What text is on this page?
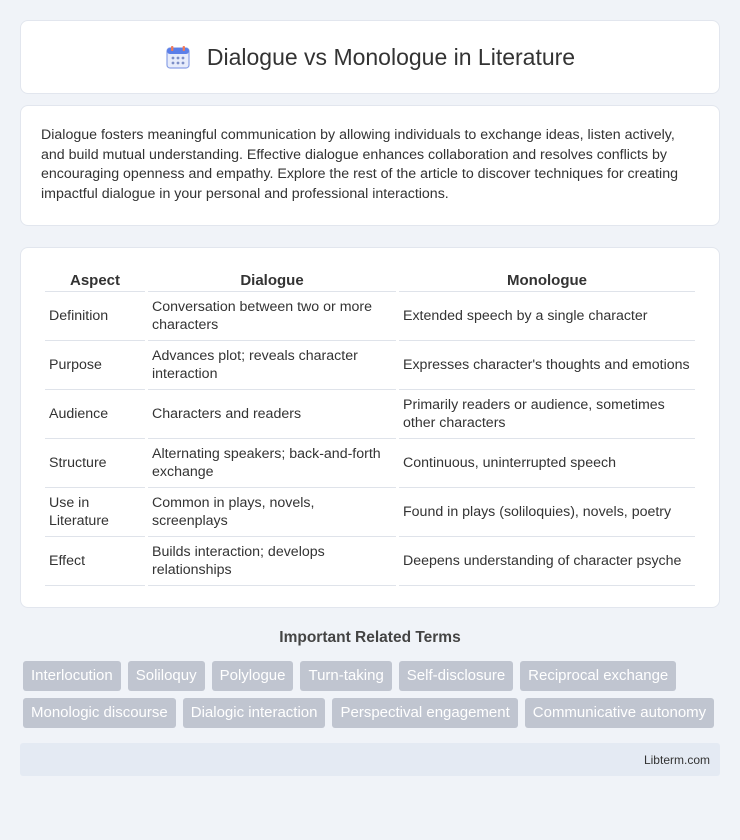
Dialogue vs Monologue in Literature

Dialogue fosters meaningful communication by allowing individuals to exchange ideas, listen actively, and build mutual understanding. Effective dialogue enhances collaboration and resolves conflicts by encouraging openness and empathy. Explore the rest of the article to discover techniques for creating impactful dialogue in your personal and professional interactions.

Aspect	Dialogue	Monologue
Definition	Conversation between two or more characters	Extended speech by a single character
Purpose	Advances plot; reveals character interaction	Expresses character's thoughts and emotions
Audience	Characters and readers	Primarily readers or audience, sometimes other characters
Structure	Alternating speakers; back-and-forth exchange	Continuous, uninterrupted speech
Use in Literature	Common in plays, novels, screenplays	Found in plays (soliloquies), novels, poetry
Effect	Builds interaction; develops relationships	Deepens understanding of character psyche
Important Related Terms
Interlocution	Soliloquy	Polylogue	Turn-taking	Self-disclosure	Reciprocal exchange
Monologic discourse	Dialogic interaction	Perspectival engagement	Communicative autonomy
Libterm.com
